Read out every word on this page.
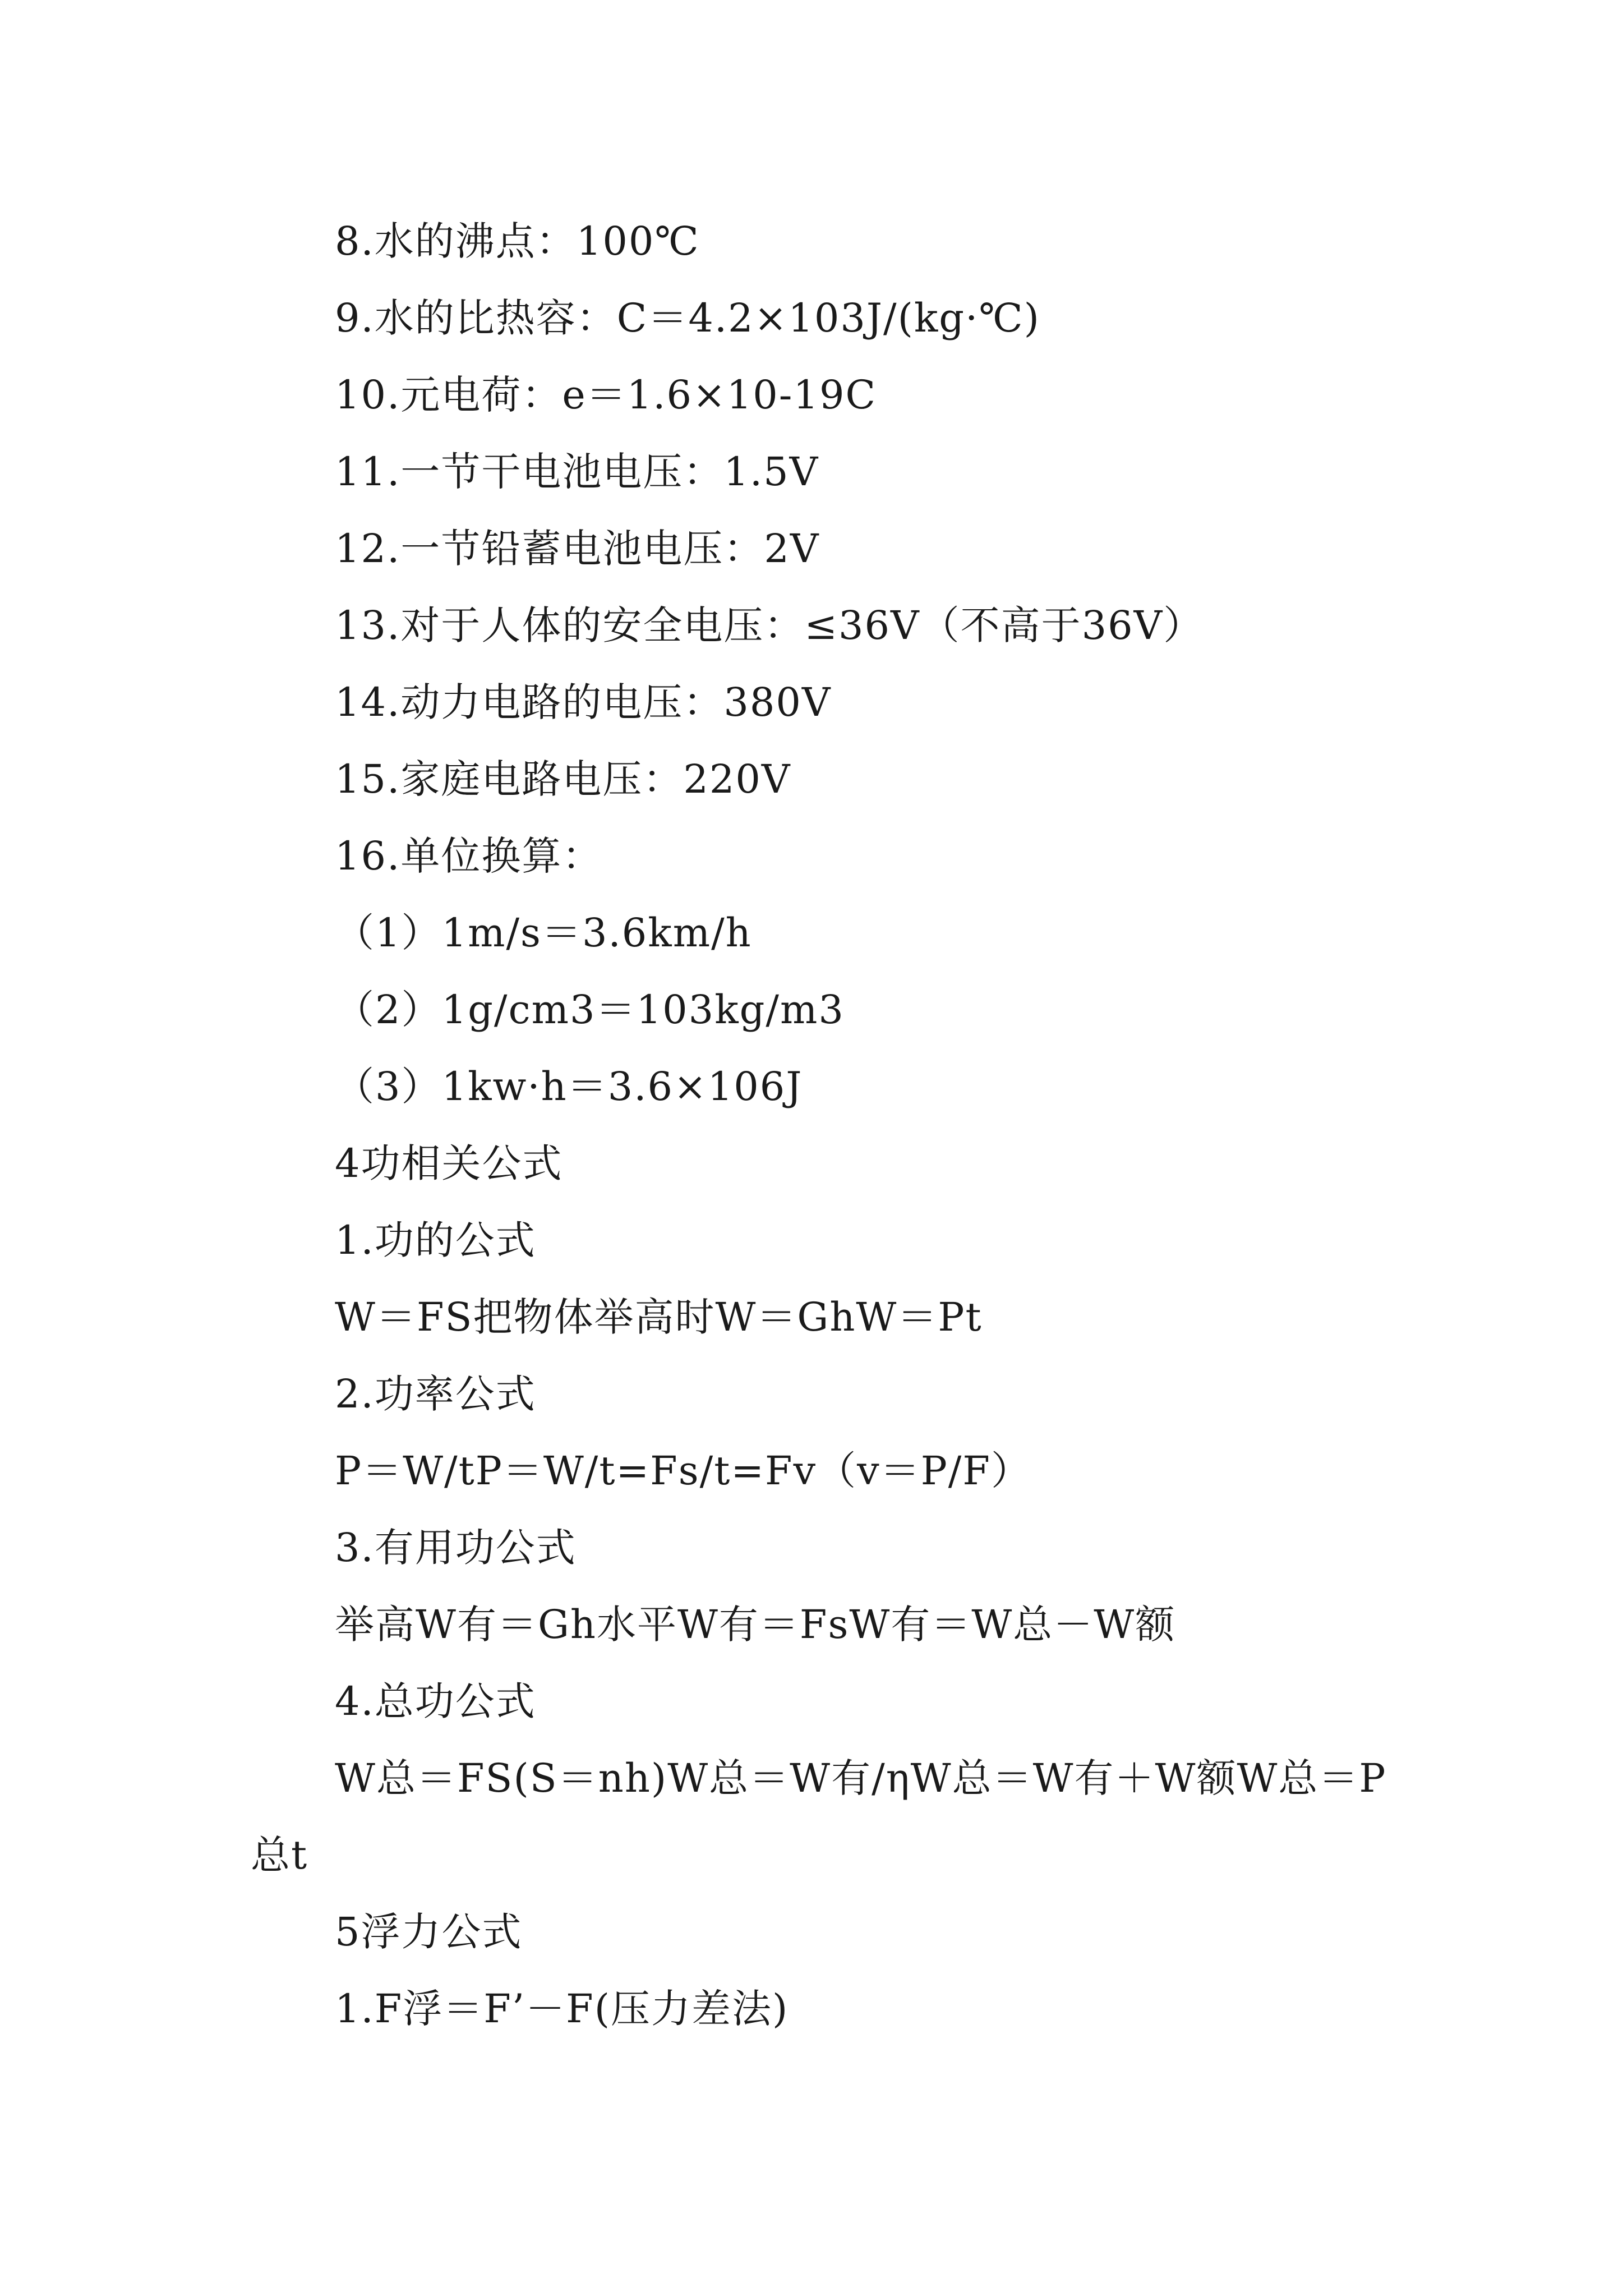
8.水的沸点：100℃
9.水的比热容：C＝4.2×103J/(kg·℃)
10.元电荷：e＝1.6×10-19C
11.一节干电池电压：1.5V
12.一节铅蓄电池电压：2V
13.对于人体的安全电压：≤36V（不高于36V）
14.动力电路的电压：380V
15.家庭电路电压：220V
16.单位换算：
（1）1m/s＝3.6km/h
（2）1g/cm3＝103kg/m3
（3）1kw·h＝3.6×106J
4功相关公式
1.功的公式
W＝FS把物体举高时W＝GhW＝Pt
2.功率公式
P＝W/tP＝W/t=Fs/t=Fv（v＝P/F）
3.有用功公式
举高W有＝Gh水平W有＝FsW有＝W总－W额
4.总功公式
W总＝FS(S＝nh)W总＝W有/ηW总＝W有＋W额W总＝P
总t
5浮力公式
1.F浮＝F’－F(压力差法)
